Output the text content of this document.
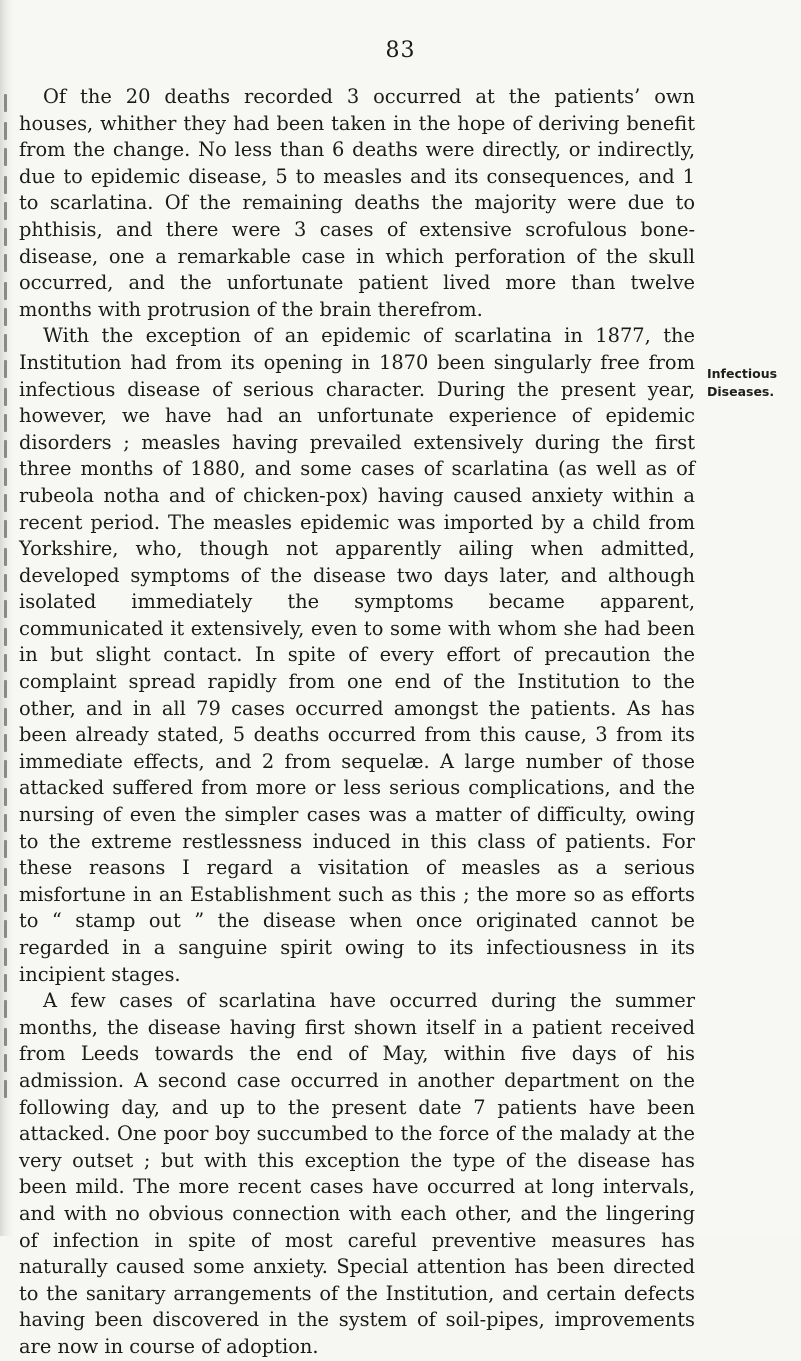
83

Of the 20 deaths recorded 3 occurred at the patients’ own houses, whither they had been taken in the hope of deriving benefit from the change. No less than 6 deaths were directly, or indirectly, due to epidemic disease, 5 to measles and its consequences, and 1 to scarlatina. Of the remaining deaths the majority were due to phthisis, and there were 3 cases of extensive scrofulous bone-disease, one a remarkable case in which perforation of the skull occurred, and the unfortunate patient lived more than twelve months with protrusion of the brain therefrom.

With the exception of an epidemic of scarlatina in 1877, the Institution had from its opening in 1870 been singularly free from infectious disease of serious character. During the present year, however, we have had an unfortunate experience of epidemic disorders ; measles having prevailed extensively during the first three months of 1880, and some cases of scarlatina (as well as of rubeola notha and of chicken-pox) having caused anxiety within a recent period. The measles epidemic was imported by a child from Yorkshire, who, though not apparently ailing when admitted, developed symptoms of the disease two days later, and although isolated immediately the symptoms became apparent, communicated it extensively, even to some with whom she had been in but slight contact. In spite of every effort of precaution the complaint spread rapidly from one end of the Institution to the other, and in all 79 cases occurred amongst the patients. As has been already stated, 5 deaths occurred from this cause, 3 from its immediate effects, and 2 from sequelæ. A large number of those attacked suffered from more or less serious complications, and the nursing of even the simpler cases was a matter of difficulty, owing to the extreme restlessness induced in this class of patients. For these reasons I regard a visitation of measles as a serious misfortune in an Establishment such as this ; the more so as efforts to “ stamp out ” the disease when once originated cannot be regarded in a sanguine spirit owing to its infectiousness in its incipient stages.

A few cases of scarlatina have occurred during the summer months, the disease having first shown itself in a patient received from Leeds towards the end of May, within five days of his admission. A second case occurred in another department on the following day, and up to the present date 7 patients have been attacked. One poor boy succumbed to the force of the malady at the very outset ; but with this exception the type of the disease has been mild. The more recent cases have occurred at long intervals, and with no obvious connection with each other, and the lingering of infection in spite of most careful preventive measures has naturally caused some anxiety. Special attention has been directed to the sanitary arrangements of the Institution, and certain defects having been discovered in the system of soil-pipes, improvements are now in course of adoption.

Infectious
Diseases.
